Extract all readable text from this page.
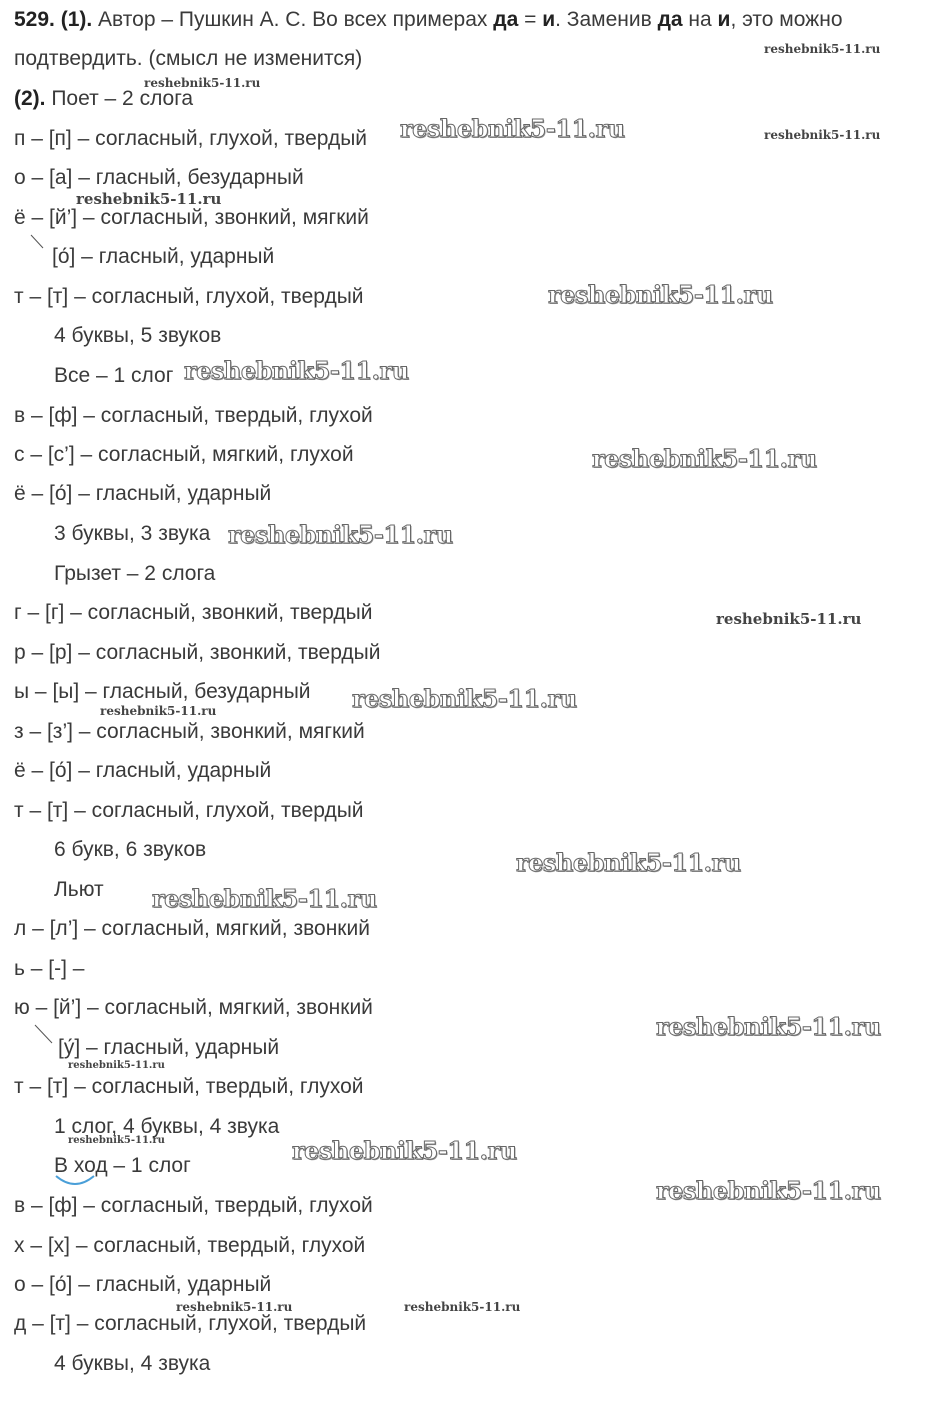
529. (1). Автор – Пушкин А. С. Во всех примерах да = и. Заменив да на и, это можно
подтвердить. (смысл не изменится)
(2). Поет – 2 слога
п – [п] – согласный, глухой, твердый
о – [а] – гласный, безударный
ё – [й’] – согласный, звонкий, мягкий
[о́] – гласный, ударный
т – [т] – согласный, глухой, твердый
4 буквы, 5 звуков
Все – 1 слог
в – [ф] – согласный, твердый, глухой
с – [с’] – согласный, мягкий, глухой
ё – [о́] – гласный, ударный
3 буквы, 3 звука
Грызет – 2 слога
г – [г] – согласный, звонкий, твердый
р – [р] – согласный, звонкий, твердый
ы – [ы] – гласный, безударный
з – [з’] – согласный, звонкий, мягкий
ё – [о́] – гласный, ударный
т – [т] – согласный, глухой, твердый
6 букв, 6 звуков
Льют
л – [л’] – согласный, мягкий, звонкий
ь – [-] –
ю – [й’] – согласный, мягкий, звонкий
[у́] – гласный, ударный
т – [т] – согласный, твердый, глухой
1 слог, 4 буквы, 4 звука
В ход – 1 слог
в – [ф] – согласный, твердый, глухой
х – [х] – согласный, твердый, глухой
о – [о́] – гласный, ударный
д – [т] – согласный, глухой, твердый
4 буквы, 4 звука
reshebnik5-11.ru
reshebnik5-11.ru
reshebnik5-11.ru
reshebnik5-11.ru
reshebnik5-11.ru
reshebnik5-11.ru
reshebnik5-11.ru
reshebnik5-11.ru
reshebnik5-11.ru
reshebnik5-11.ru
reshebnik5-11.ru
reshebnik5-11.ru
reshebnik5-11.ru
reshebnik5-11.ru
reshebnik5-11.ru
reshebnik5-11.ru
reshebnik5-11.ru
reshebnik5-11.ru
reshebnik5-11.ru
reshebnik5-11.ru	reshebnik5-11.ru
